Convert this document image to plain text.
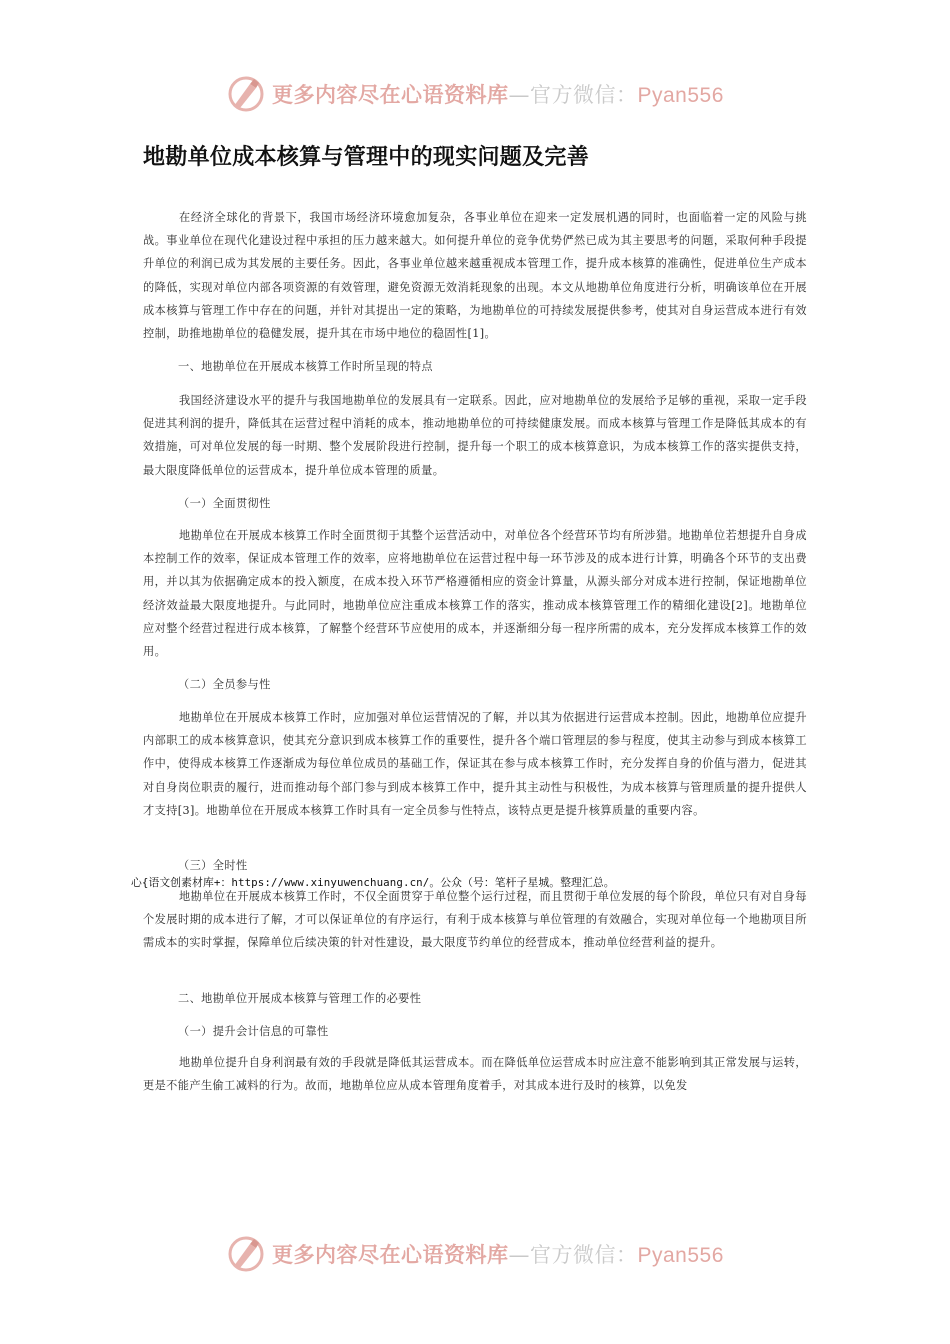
更多内容尽在心语资料库—官方微信：Pyan556
地勘单位成本核算与管理中的现实问题及完善
在经济全球化的背景下，我国市场经济环境愈加复杂，各事业单位在迎来一定发展机遇的同时，也面临着一定的风险与挑战。事业单位在现代化建设过程中承担的压力越来越大。如何提升单位的竞争优势俨然已成为其主要思考的问题，采取何种手段提升单位的利润已成为其发展的主要任务。因此，各事业单位越来越重视成本管理工作，提升成本核算的准确性，促进单位生产成本的降低，实现对单位内部各项资源的有效管理，避免资源无效消耗现象的出现。本文从地勘单位角度进行分析，明确该单位在开展成本核算与管理工作中存在的问题，并针对其提出一定的策略，为地勘单位的可持续发展提供参考，使其对自身运营成本进行有效控制，助推地勘单位的稳健发展，提升其在市场中地位的稳固性[1]。
一、地勘单位在开展成本核算工作时所呈现的特点
我国经济建设水平的提升与我国地勘单位的发展具有一定联系。因此，应对地勘单位的发展给予足够的重视，采取一定手段促进其利润的提升，降低其在运营过程中消耗的成本，推动地勘单位的可持续健康发展。而成本核算与管理工作是降低其成本的有效措施，可对单位发展的每一时期、整个发展阶段进行控制，提升每一个职工的成本核算意识，为成本核算工作的落实提供支持，最大限度降低单位的运营成本，提升单位成本管理的质量。
（一）全面贯彻性
地勘单位在开展成本核算工作时全面贯彻于其整个运营活动中，对单位各个经营环节均有所涉猎。地勘单位若想提升自身成本控制工作的效率，保证成本管理工作的效率，应将地勘单位在运营过程中每一环节涉及的成本进行计算，明确各个环节的支出费用，并以其为依据确定成本的投入额度，在成本投入环节严格遵循相应的资金计算量，从源头部分对成本进行控制，保证地勘单位经济效益最大限度地提升。与此同时，地勘单位应注重成本核算工作的落实，推动成本核算管理工作的精细化建设[2]。地勘单位应对整个经营过程进行成本核算，了解整个经营环节应使用的成本，并逐渐细分每一程序所需的成本，充分发挥成本核算工作的效用。
（二）全员参与性
地勘单位在开展成本核算工作时，应加强对单位运营情况的了解，并以其为依据进行运营成本控制。因此，地勘单位应提升内部职工的成本核算意识，使其充分意识到成本核算工作的重要性，提升各个端口管理层的参与程度，使其主动参与到成本核算工作中，使得成本核算工作逐渐成为每位单位成员的基础工作，保证其在参与成本核算工作时，充分发挥自身的价值与潜力，促进其对自身岗位职责的履行，进而推动每个部门参与到成本核算工作中，提升其主动性与积极性，为成本核算与管理质量的提升提供人才支持[3]。地勘单位在开展成本核算工作时具有一定全员参与性特点，该特点更是提升核算质量的重要内容。
（三）全时性
心{语文创素材库+：https://www.xinyuwenchuang.cn/。公众（号：笔杆子星城。整理汇总。
地勘单位在开展成本核算工作时，不仅全面贯穿于单位整个运行过程，而且贯彻于单位发展的每个阶段，单位只有对自身每个发展时期的成本进行了解，才可以保证单位的有序运行，有利于成本核算与单位管理的有效融合，实现对单位每一个地勘项目所需成本的实时掌握，保障单位后续决策的针对性建设，最大限度节约单位的经营成本，推动单位经营利益的提升。
二、地勘单位开展成本核算与管理工作的必要性
（一）提升会计信息的可靠性
地勘单位提升自身利润最有效的手段就是降低其运营成本。而在降低单位运营成本时应注意不能影响到其正常发展与运转，更是不能产生偷工减料的行为。故而，地勘单位应从成本管理角度着手，对其成本进行及时的核算，以免发
更多内容尽在心语资料库—官方微信：Pyan556
